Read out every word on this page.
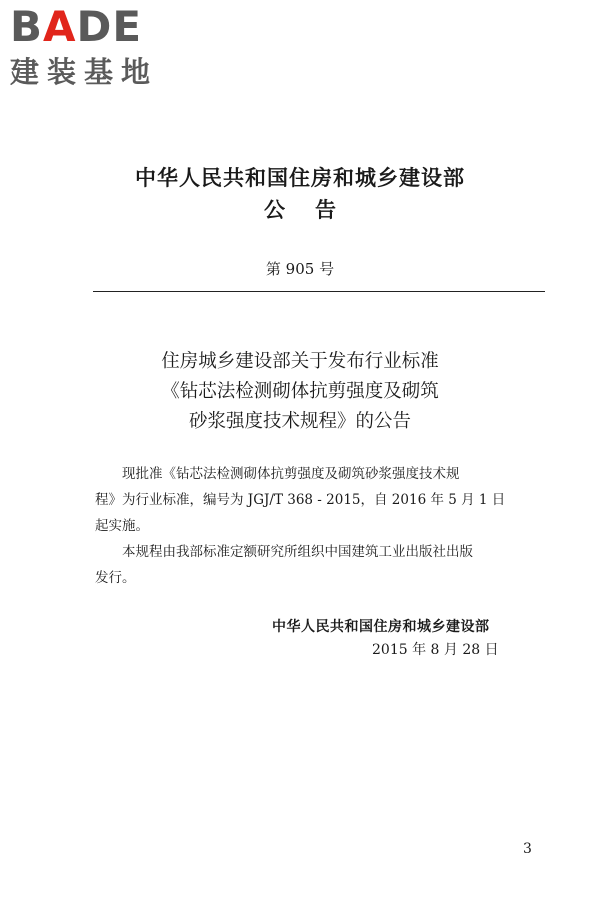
BADE
建装基地
中华人民共和国住房和城乡建设部
公告
第 905 号
住房城乡建设部关于发布行业标准
《钻芯法检测砌体抗剪强度及砌筑
砂浆强度技术规程》的公告
现批准《钻芯法检测砌体抗剪强度及砌筑砂浆强度技术规
程》为行业标准，编号为 JGJ/T 368 - 2015，自 2016 年 5 月 1 日
起实施。
本规程由我部标准定额研究所组织中国建筑工业出版社出版
发行。
中华人民共和国住房和城乡建设部
2015 年 8 月 28 日
3
